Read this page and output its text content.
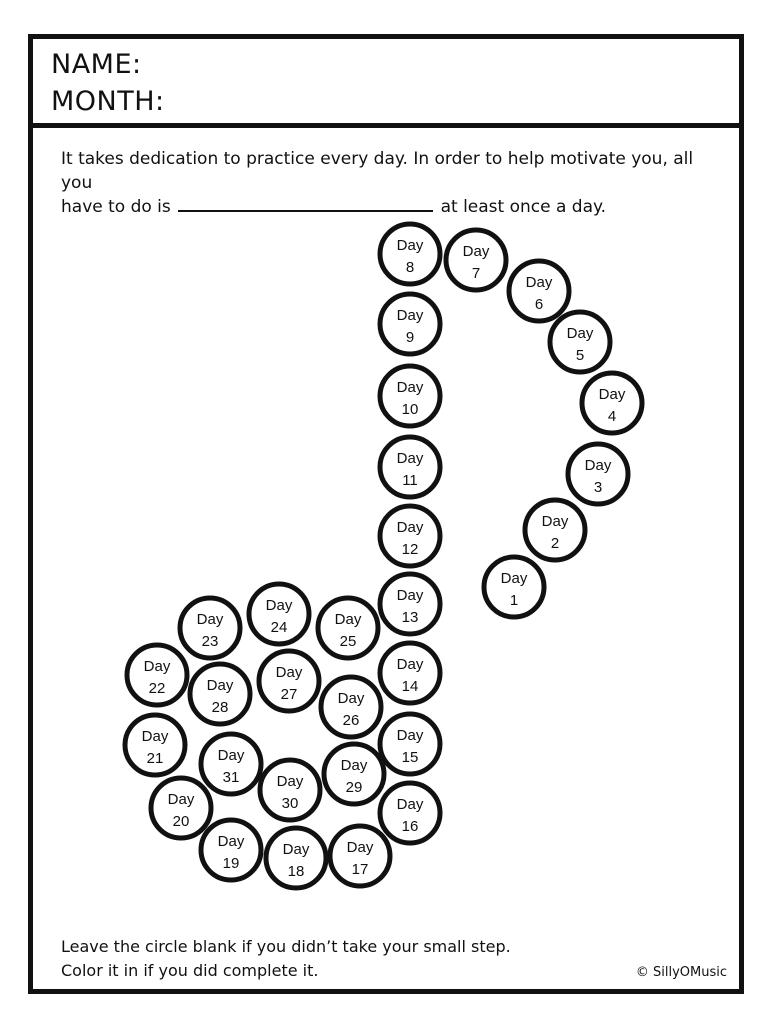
NAME:
MONTH:
It takes dedication to practice every day. In order to help motivate you, all you
have to do is	at least once a day.
Leave the circle blank if you didn’t take your small step.
Color it in if you did complete it.	© SillyOMusic
Day
1
Day
2
Day
3
Day
4
Day
5
Day
6
Day
7
Day
8
Day
9
Day
10
Day
11
Day
12
Day
13
Day
14
Day
15
Day
16
Day
17
Day
18
Day
19
Day
20
Day
21
Day
22
Day
23
Day
24	Day
25
Day
26
Day
27
Day
28
Day
29
Day
30
Day
31
